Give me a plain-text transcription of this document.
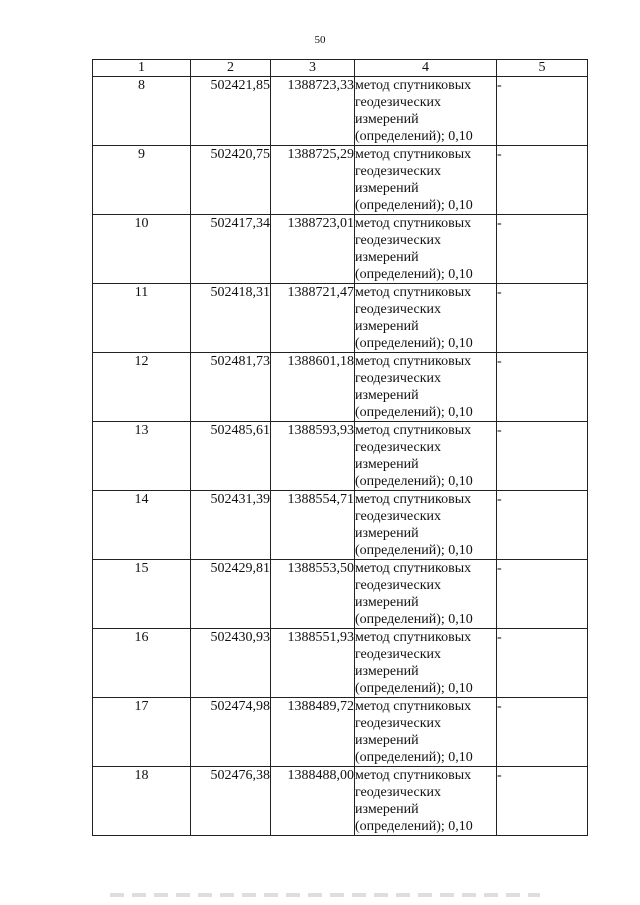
50
1	2	3	4	5
8	502421,85	1388723,33	метод спутниковых
геодезических
измерений
(определений); 0,10	-
9	502420,75	1388725,29	метод спутниковых
геодезических
измерений
(определений); 0,10	-
10	502417,34	1388723,01	метод спутниковых
геодезических
измерений
(определений); 0,10	-
11	502418,31	1388721,47	метод спутниковых
геодезических
измерений
(определений); 0,10	-
12	502481,73	1388601,18	метод спутниковых
геодезических
измерений
(определений); 0,10	-
13	502485,61	1388593,93	метод спутниковых
геодезических
измерений
(определений); 0,10	-
14	502431,39	1388554,71	метод спутниковых
геодезических
измерений
(определений); 0,10	-
15	502429,81	1388553,50	метод спутниковых
геодезических
измерений
(определений); 0,10	-
16	502430,93	1388551,93	метод спутниковых
геодезических
измерений
(определений); 0,10	-
17	502474,98	1388489,72	метод спутниковых
геодезических
измерений
(определений); 0,10	-
18	502476,38	1388488,00	метод спутниковых
геодезических
измерений
(определений); 0,10	-
